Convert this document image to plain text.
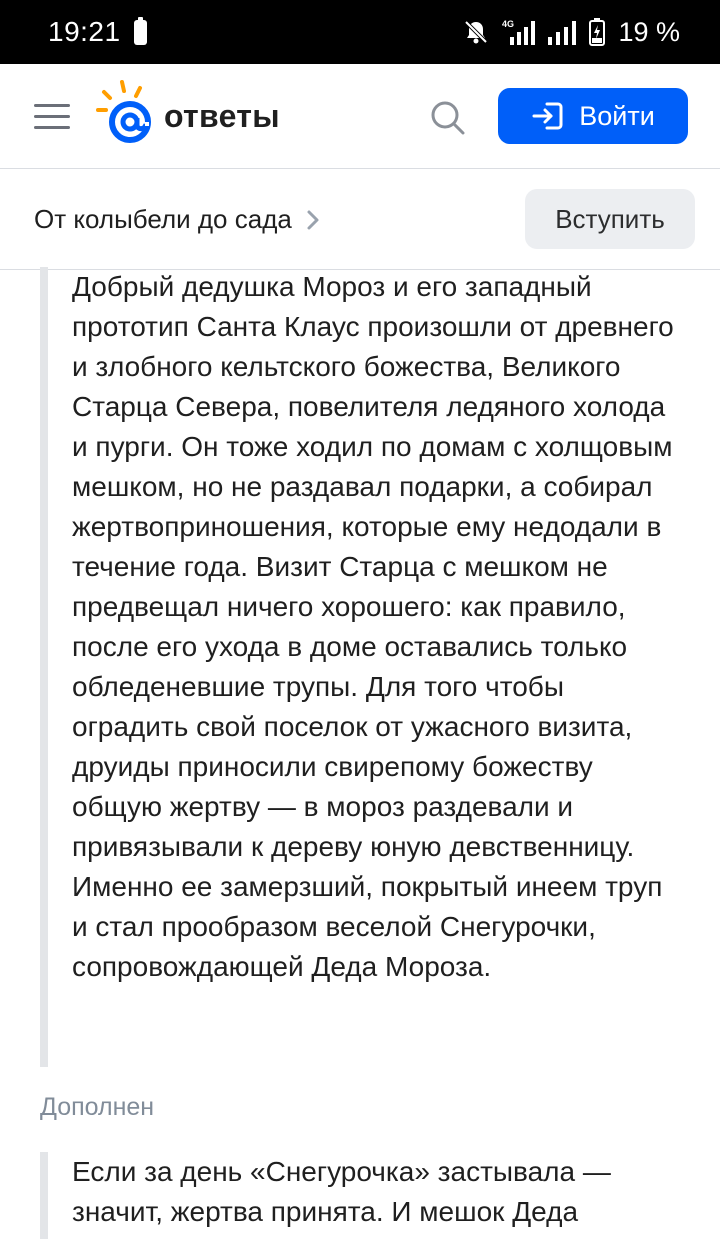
19:21	4G	19 %
ответы	Войти
От колыбели до сада	Вступить

Добрый дедушка Мороз и его западный прототип Санта Клаус произошли от древнего и злобного кельтского божества, Великого Старца Севера, повелителя ледяного холода и пурги. Он тоже ходил по домам с холщовым мешком, но не раздавал подарки, а собирал жертвоприношения, которые ему недодали в течение года. Визит Старца с мешком не предвещал ничего хорошего: как правило, после его ухода в доме оставались только обледеневшие трупы. Для того чтобы оградить свой поселок от ужасного визита, друиды приносили свирепому божеству общую жертву — в мороз раздевали и привязывали к дереву юную девственницу. Именно ее замерзший, покрытый инеем труп и стал прообразом веселой Снегурочки, сопровождающей Деда Мороза.

Дополнен

Если за день «Снегурочка» застывала — значит, жертва принята. И мешок Деда
